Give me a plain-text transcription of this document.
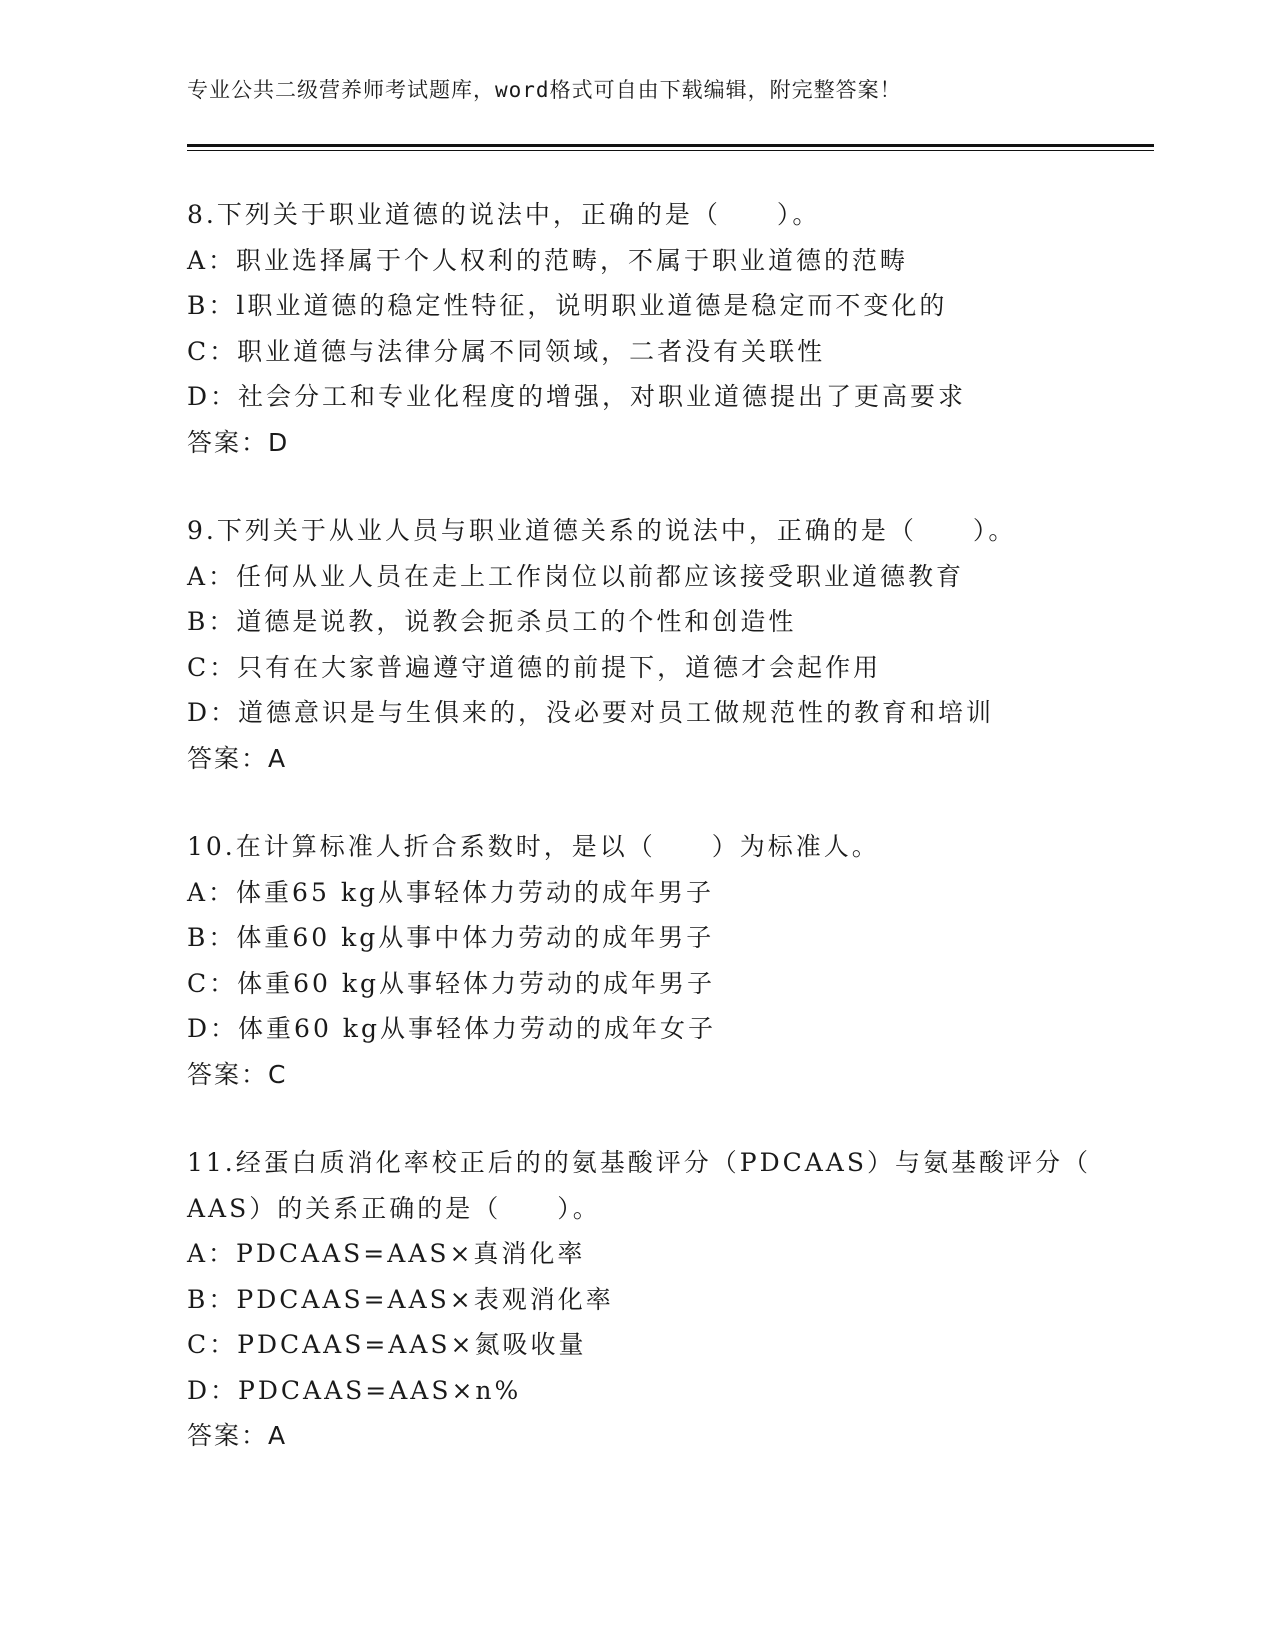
专业公共二级营养师考试题库，word格式可自由下载编辑，附完整答案！
8.下列关于职业道德的说法中，正确的是（　　）。
A：职业选择属于个人权利的范畴，不属于职业道德的范畴
B：l职业道德的稳定性特征，说明职业道德是稳定而不变化的
C：职业道德与法律分属不同领域，二者没有关联性
D：社会分工和专业化程度的增强，对职业道德提出了更高要求
答案：D
9.下列关于从业人员与职业道德关系的说法中，正确的是（　　）。
A：任何从业人员在走上工作岗位以前都应该接受职业道德教育
B：道德是说教，说教会扼杀员工的个性和创造性
C：只有在大家普遍遵守道德的前提下，道德才会起作用
D：道德意识是与生俱来的，没必要对员工做规范性的教育和培训
答案：A
10.在计算标准人折合系数时，是以（　　）为标准人。
A：体重65 kg从事轻体力劳动的成年男子
B：体重60 kg从事中体力劳动的成年男子
C：体重60 kg从事轻体力劳动的成年男子
D：体重60 kg从事轻体力劳动的成年女子
答案：C
11.经蛋白质消化率校正后的的氨基酸评分（PDCAAS）与氨基酸评分（
AAS）的关系正确的是（　　）。
A：PDCAAS=AAS×真消化率
B：PDCAAS=AAS×表观消化率
C：PDCAAS=AAS×氮吸收量
D：PDCAAS=AAS×n%
答案：A
